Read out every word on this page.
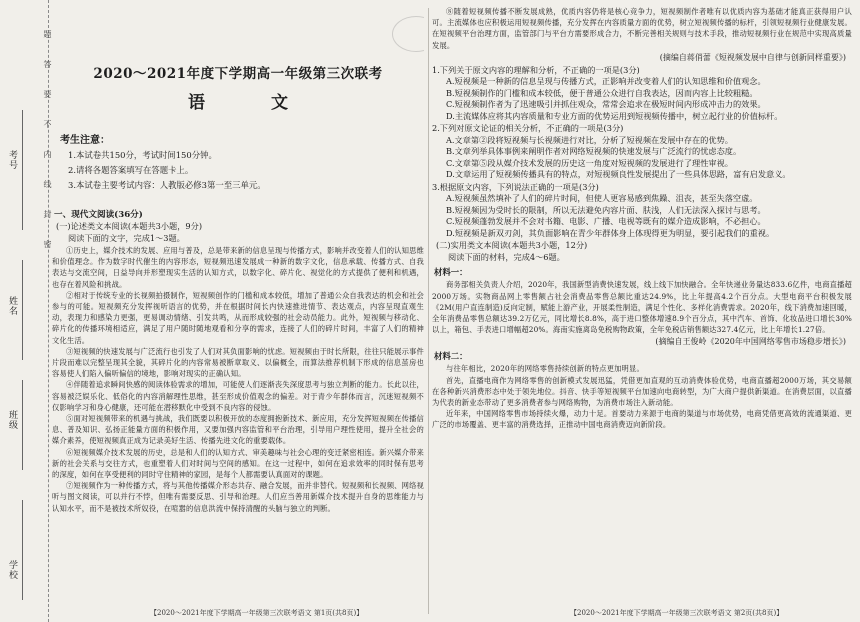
考号
姓名
班级
学校
题答要不内线封密	2020～2021年度下学期高一年级第三次联考
语 文
考生注意：
1.本试卷共150分，考试时间150分钟。
2.请将各题答案填写在答题卡上。
3.本试卷主要考试内容：人教版必修3第一至三单元。
一、现代文阅读(36分)
(一)论述类文本阅读(本题共3小题，9分)
阅读下面的文字，完成1～3题。

①历史上，媒介技术的发展、应用与普及，总是带来新的信息呈现与传播方式，影响并改变着人们的认知思维和价值理念。作为数字时代催生的内容形态，短视频迅速发展成一种新的数字文化，信息承载、传播方式、自我表达与交流空间，日益导向并形塑现实生活的认知方式，以数字化、碎片化、视觉化的方式提供了便利和机遇，也存在着风险和挑战。

②相对于传统专业的长视频拍摄制作，短视频创作的门槛和成本较低，增加了普通公众自我表达的机会和社会参与的可能。短视频充分发挥视听语言的优势，并在根据时间长内快速推进情节、表达观点，内容呈现直观生动，表现力和感染力更强，更易调动情绪、引发共鸣，从而形成较强的社会动员能力。此外，短视频与移动化、碎片化的传播环境相适应，满足了用户随时随地观看和分享的需求，连接了人们的碎片时间，丰富了人们的精神文化生活。

③短视频的快速发展与广泛流行也引发了人们对其负面影响的忧虑。短视频由于时长所限，往往只能展示事件片段而难以完整呈现其全貌，其碎片化的内容常易被断章取义、以偏概全，而算法推荐机制下形成的信息茧房也容易使人们陷入偏听偏信的境地，影响对现实的正确认知。

④伴随着追求瞬间快感的阅读体验需求的增加，可能使人们逐渐丧失深度思考与独立判断的能力。长此以往，容易被泛娱乐化、低俗化的内容消解理性思维，甚至形成价值观念的偏差。对于青少年群体而言，沉迷短视频不仅影响学习和身心健康，还可能在潜移默化中受到不良内容的侵蚀。

⑤面对短视频带来的机遇与挑战，我们既要以积极开放的态度拥抱新技术、新应用，充分发挥短视频在传播信息、普及知识、弘扬正能量方面的积极作用，又要加强内容监管和平台治理，引导用户理性使用，提升全社会的媒介素养，使短视频真正成为记录美好生活、传播先进文化的重要载体。

⑥短视频媒介技术发展的历史，总是和人们的认知方式、审美趣味与社会心理的变迁紧密相连。新兴媒介带来新的社会关系与交往方式，也重塑着人们对时间与空间的感知。在这一过程中，如何在追求效率的同时保有思考的深度，如何在享受便利的同时守住精神的家园，是每个人都需要认真面对的课题。

⑦短视频作为一种传播方式，将与其他传播媒介形态共存、融合发展，而并非替代。短视频和长视频、网络视听与图文阅读，可以并行不悖，但唯有需要反思、引导和治理。人们应当善用新媒介技术提升自身的思维能力与认知水平，而不是被技术所奴役，在喧嚣的信息洪流中保持清醒的头脑与独立的判断。

【2020～2021年度下学期高一年级第三次联考语文 第1页(共8页)】

⑧随着短视频传播不断发展成熟，优质内容仍将是核心竞争力，短视频制作者唯有以优质内容为基础才能真正获得用户认可。主流媒体也应积极运用短视频传播，充分发挥在内容质量方面的优势，树立短视频传播的标杆，引领短视频行业健康发展。在短视频平台治理方面，监管部门与平台方需要形成合力，不断完善相关规则与技术手段，推动短视频行业在规范中实现高质量发展。

(摘编自蒋俏蕾《短视频发展中自律与创新同样重要》)
1.下列关于原文内容的理解和分析，不正确的一项是(3分)
A.短视频是一种新的信息呈现与传播方式，正影响并改变着人们的认知思维和价值观念。
B.短视频制作的门槛和成本较低，便于普通公众进行自我表达，因而内容上比较粗糙。
C.短视频制作者为了迅速吸引并抓住观众，常常会追求在极短时间内形成冲击力的效果。
D.主流媒体应将其内容质量和专业方面的优势运用到短视频传播中，树立起行业的价值标杆。
2.下列对原文论证的相关分析，不正确的一项是(3分)
A.文章第②段将短视频与长视频进行对比，分析了短视频在发展中存在的优势。
B.文章列举具体事例来阐明作者对网络短视频的快速发展与广泛流行的忧虑态度。
C.文章第⑤段从媒介技术发展的历史这一角度对短视频的发展进行了理性审视。
D.文章运用了短视频传播具有的特点，对短视频良性发展提出了一些具体思路，富有启发意义。
3.根据原文内容，下列说法正确的一项是(3分)
A.短视频虽然填补了人们的碎片时间，但使人更容易感到焦躁、沮丧，甚至失落空虚。
B.短视频因为受时长的限制，所以无法避免内容片面、肤浅，人们无法深入探讨与思考。
C.短视频蓬勃发展并不会对书籍、电影、广播、电视等既有的媒介造成影响，不必担心。
D.短视频是新双刃剑，其负面影响在青少年群体身上体现得更为明显，要引起我们的重视。
(二)实用类文本阅读(本题共3小题，12分)
阅读下面的材料，完成4～6题。
材料一：

商务部相关负责人介绍，2020年，我国新型消费快速发展，线上线下加快融合。全年快递业务量达833.6亿件，电商直播超2000万场。实物商品网上零售额占社会消费品零售总额比重达24.9%，比上年提高4.2个百分点。大型电商平台积极发展《2M(用户直连制造)反向定制，赋能上游产业，开展柔性制造，满足个性化、多样化消费需求。2020年，线下消费加速回暖，全年消费品零售总额达39.2万亿元，同比增长8.8%，高于进口整体增速8.9个百分点，其中汽车、首饰、化妆品进口增长30%以上，箱包、手表进口增幅超20%。海南实施离岛免税购物政策，全年免税店销售额达327.4亿元，比上年增长1.27倍。

(摘编自王俊岭《2020年中国网络零售市场稳步增长》)
材料二：

与往年相比，2020年的网络零售持续创新的特点更加明显。

首先，直播电商作为网络零售的创新模式发展迅猛，凭借更加直观的互动消费体验优势，电商直播超2000万场，其交易额在各种新兴消费形态中处于领先地位。抖音、快手等短视频平台加速向电商转型，为广大商户提供新渠道。在消费层面，以直播为代表的新业态带动了更多消费者参与网络购物，为消费市场注入新动能。

近年来，中国网络零售市场持续火爆，动力十足。首要动力来源于电商的渠道与市场优势，电商凭借更高效的流通渠道、更广泛的市场覆盖、更丰富的消费选择，正推动中国电商消费迈向新阶段。

【2020～2021年度下学期高一年级第三次联考语文 第2页(共8页)】
